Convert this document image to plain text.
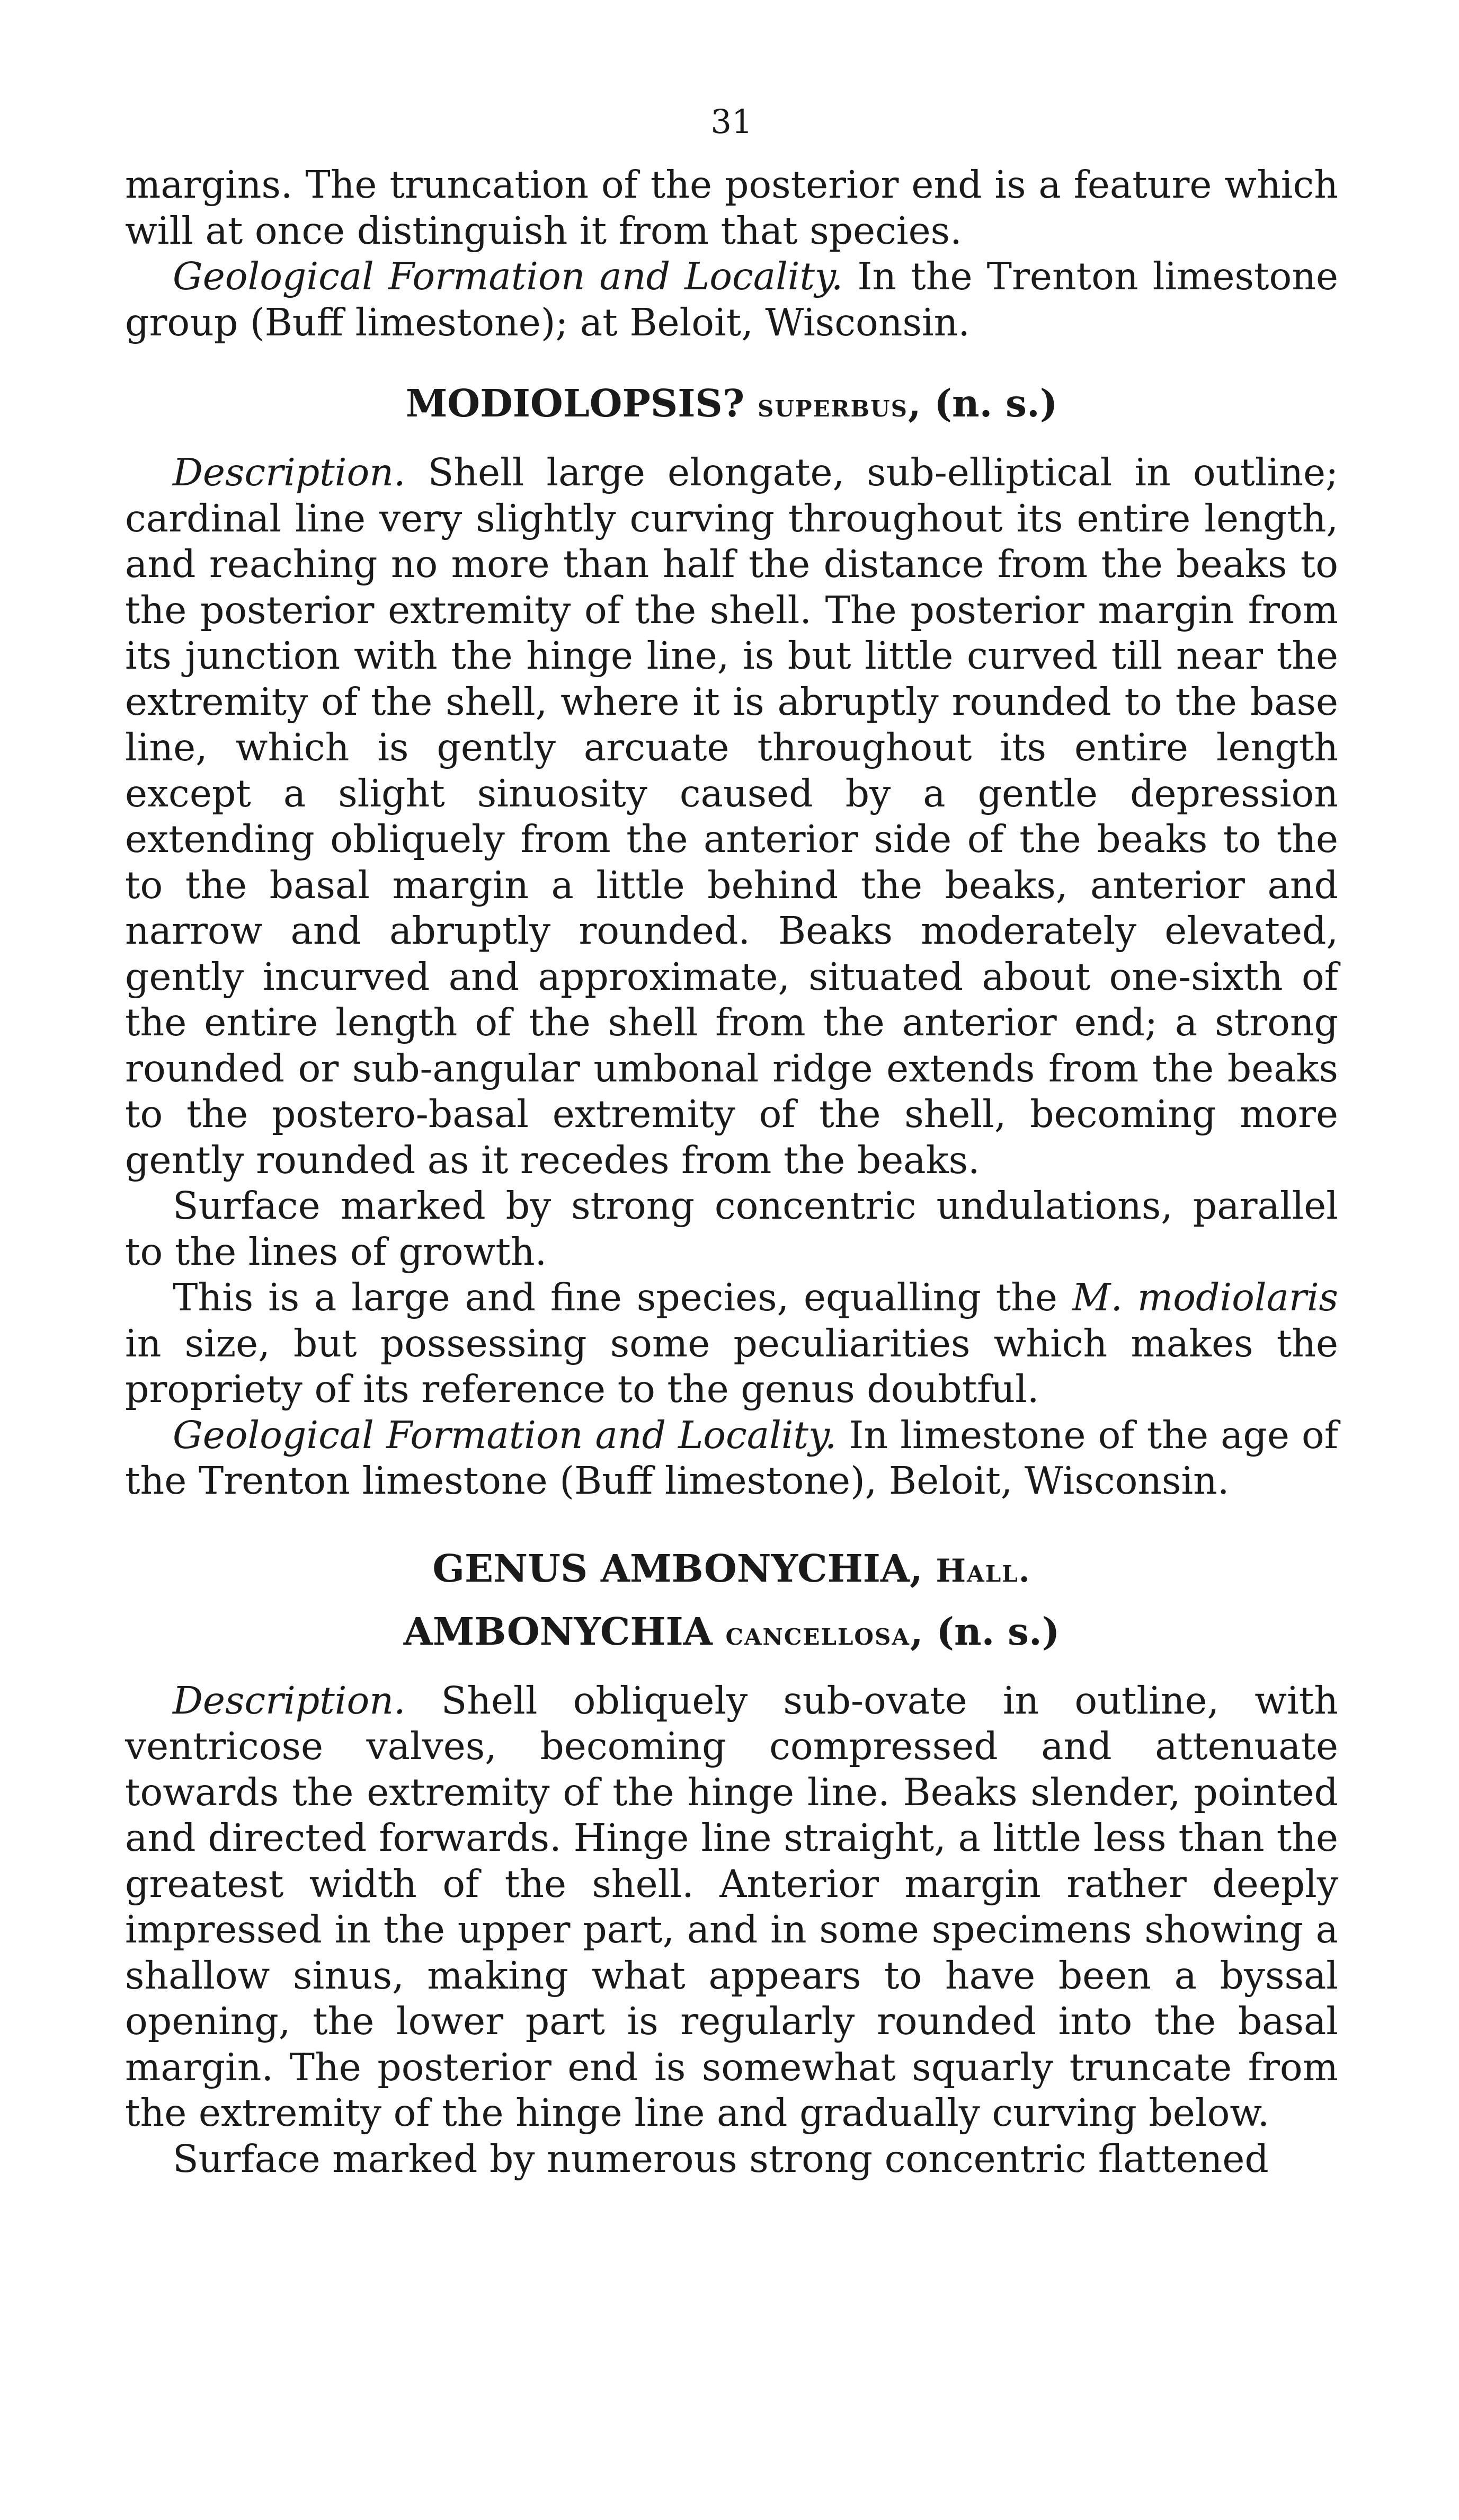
31

margins. The truncation of the posterior end is a feature which will at once distinguish it from that species.

Geological Formation and Locality. In the Trenton limestone group (Buff limestone); at Beloit, Wisconsin.

MODIOLOPSIS? superbus, (n. s.)

Description. Shell large elongate, sub-elliptical in outline; cardinal line very slightly curving throughout its entire length, and reaching no more than half the distance from the beaks to the posterior extremity of the shell. The posterior margin from its junction with the hinge line, is but little curved till near the extremity of the shell, where it is abruptly rounded to the base line, which is gently arcuate throughout its entire length except a slight sinuosity caused by a gentle depression extending obliquely from the anterior side of the beaks to the to the basal margin a little behind the beaks, anterior and narrow and abruptly rounded. Beaks moderately elevated, gently incurved and approximate, situated about one-sixth of the entire length of the shell from the anterior end; a strong rounded or sub-angular umbonal ridge extends from the beaks to the postero-basal extremity of the shell, becoming more gently rounded as it recedes from the beaks.

Surface marked by strong concentric undulations, parallel to the lines of growth.

This is a large and fine species, equalling the M. modiolaris in size, but possessing some peculiarities which makes the propriety of its reference to the genus doubtful.

Geological Formation and Locality. In limestone of the age of the Trenton limestone (Buff limestone), Beloit, Wisconsin.

GENUS AMBONYCHIA, Hall.
AMBONYCHIA cancellosa, (n. s.)

Description. Shell obliquely sub-ovate in outline, with ventricose valves, becoming compressed and attenuate towards the extremity of the hinge line. Beaks slender, pointed and directed forwards. Hinge line straight, a little less than the greatest width of the shell. Anterior margin rather deeply impressed in the upper part, and in some specimens showing a shallow sinus, making what appears to have been a byssal opening, the lower part is regularly rounded into the basal margin. The posterior end is somewhat squarly truncate from the extremity of the hinge line and gradually curving below.

Surface marked by numerous strong concentric flattened
